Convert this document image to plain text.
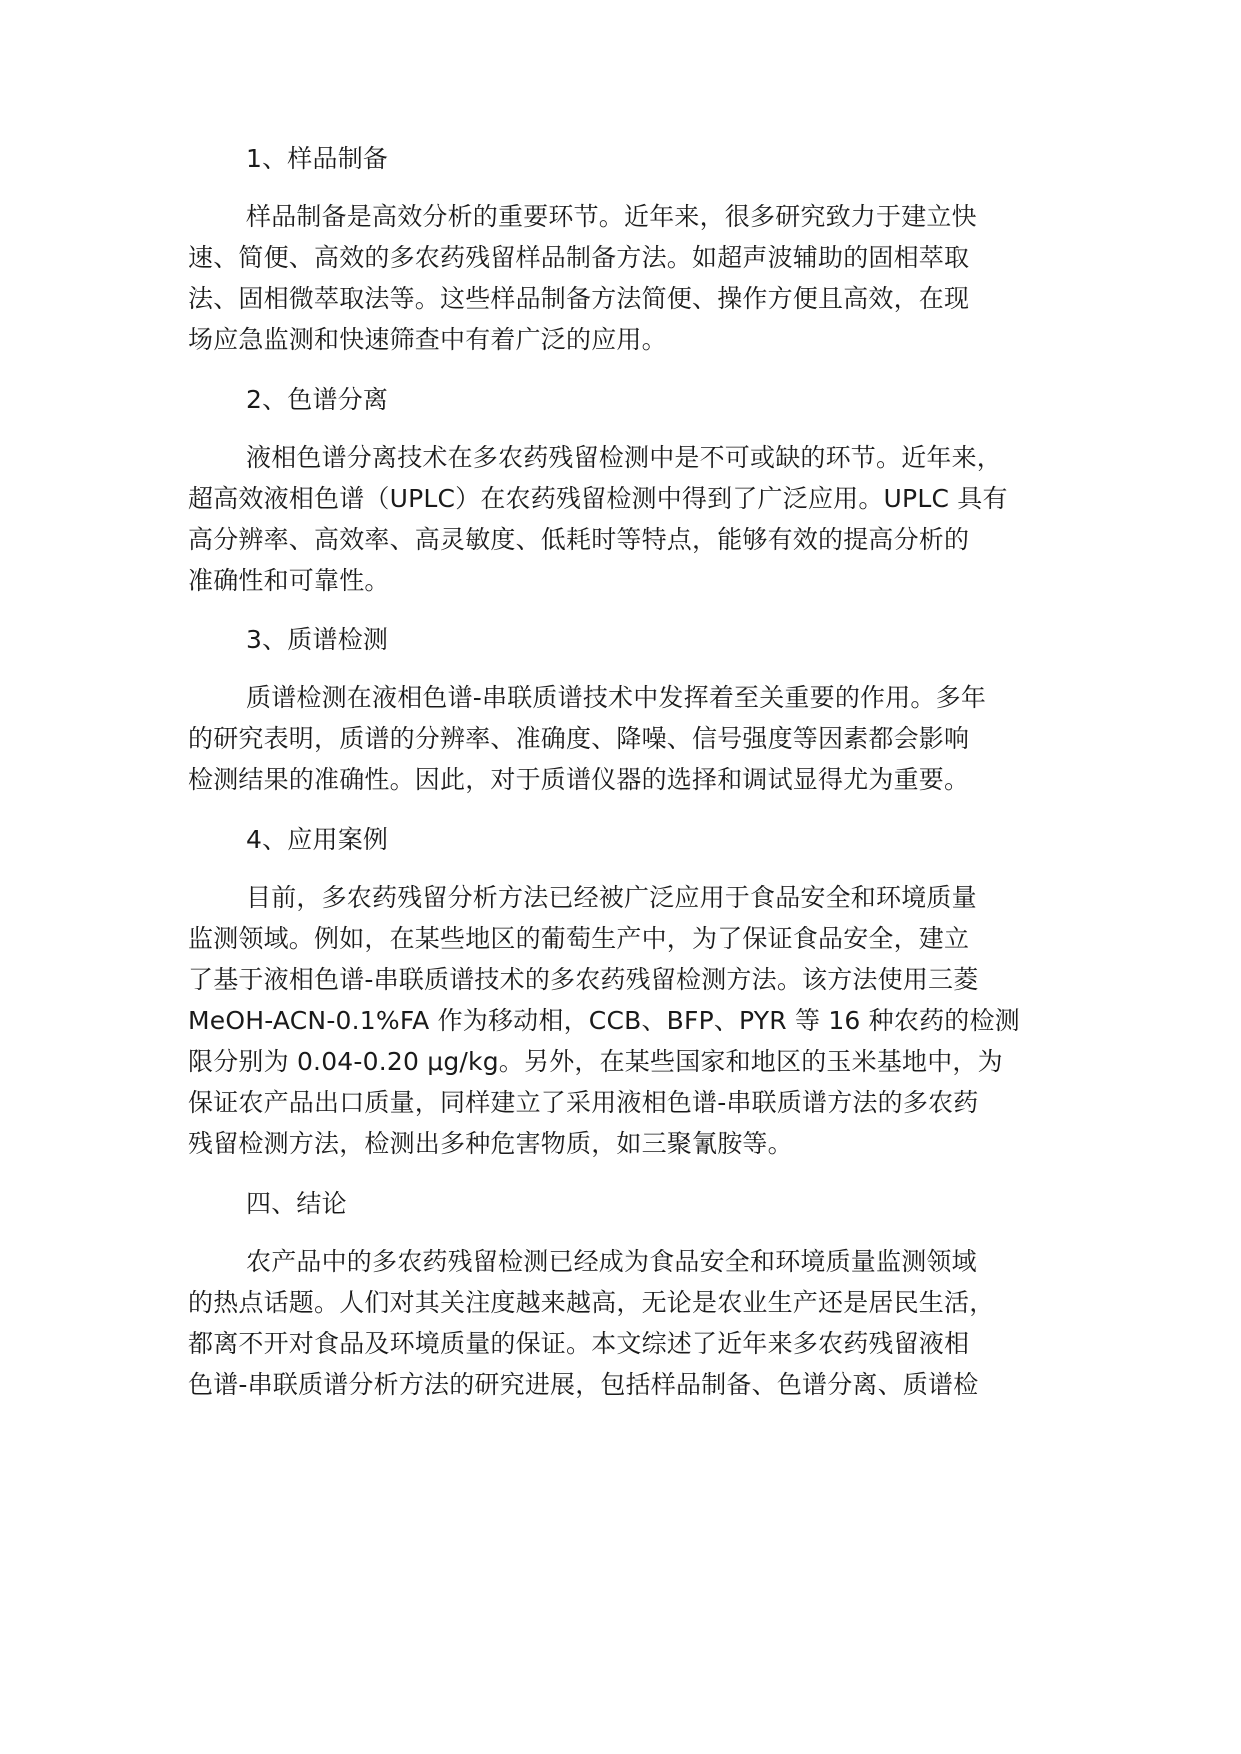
1、样品制备
样品制备是高效分析的重要环节。近年来，很多研究致力于建立快
速、简便、高效的多农药残留样品制备方法。如超声波辅助的固相萃取
法、固相微萃取法等。这些样品制备方法简便、操作方便且高效，在现
场应急监测和快速筛查中有着广泛的应用。
2、色谱分离
液相色谱分离技术在多农药残留检测中是不可或缺的环节。近年来，
超高效液相色谱（UPLC）在农药残留检测中得到了广泛应用。UPLC 具有
高分辨率、高效率、高灵敏度、低耗时等特点，能够有效的提高分析的
准确性和可靠性。
3、质谱检测
质谱检测在液相色谱-串联质谱技术中发挥着至关重要的作用。多年
的研究表明，质谱的分辨率、准确度、降噪、信号强度等因素都会影响
检测结果的准确性。因此，对于质谱仪器的选择和调试显得尤为重要。
4、应用案例
目前，多农药残留分析方法已经被广泛应用于食品安全和环境质量
监测领域。例如，在某些地区的葡萄生产中，为了保证食品安全，建立
了基于液相色谱-串联质谱技术的多农药残留检测方法。该方法使用三菱
MeOH-ACN-0.1%FA 作为移动相，CCB、BFP、PYR 等 16 种农药的检测
限分别为 0.04-0.20 μg/kg。另外，在某些国家和地区的玉米基地中，为
保证农产品出口质量，同样建立了采用液相色谱-串联质谱方法的多农药
残留检测方法，检测出多种危害物质，如三聚氰胺等。
四、结论
农产品中的多农药残留检测已经成为食品安全和环境质量监测领域
的热点话题。人们对其关注度越来越高，无论是农业生产还是居民生活，
都离不开对食品及环境质量的保证。本文综述了近年来多农药残留液相
色谱-串联质谱分析方法的研究进展，包括样品制备、色谱分离、质谱检
